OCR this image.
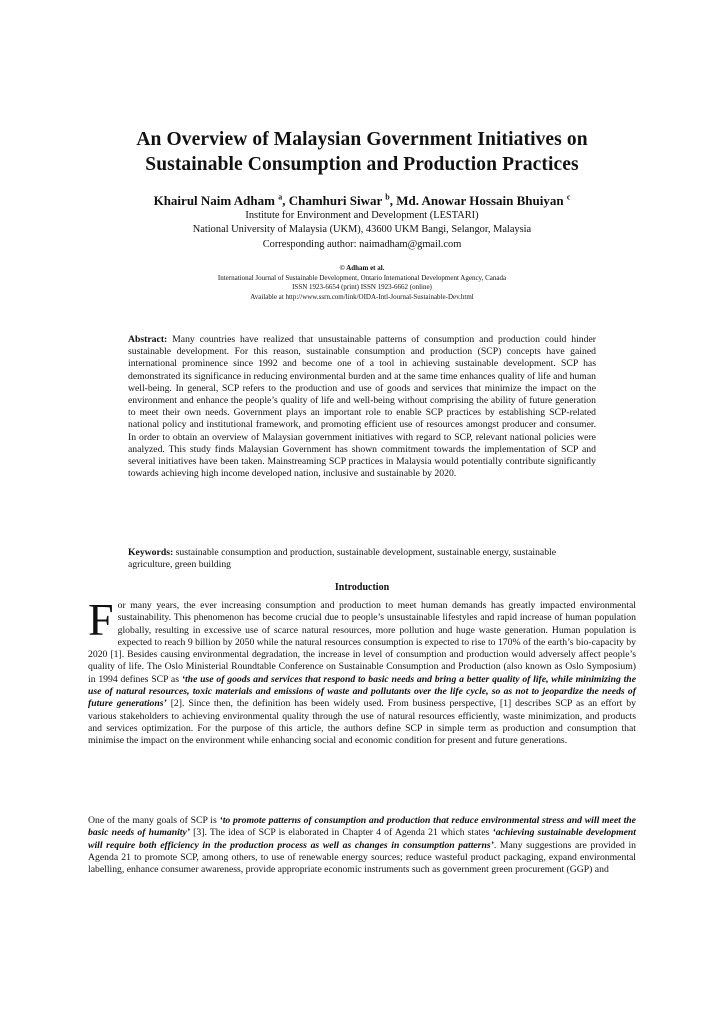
An Overview of Malaysian Government Initiatives on
Sustainable Consumption and Production Practices
Khairul Naim Adham $^a$, Chamhuri Siwar $^b$, Md. Anowar Hossain Bhuiyan $^c$
Institute for Environment and Development (LESTARI)
National University of Malaysia (UKM), 43600 UKM Bangi, Selangor, Malaysia
Corresponding author: naimadham@gmail.com
© Adham et al.
International Journal of Sustainable Development, Ontario International Development Agency, Canada
ISSN 1923-6654 (print) ISSN 1923-6662 (online)
Available at http://www.ssrn.com/link/OIDA-Intl-Journal-Sustainable-Dev.html
Abstract: Many countries have realized that unsustainable patterns of consumption and production could hinder sustainable development. For this reason, sustainable consumption and production (SCP) concepts have gained international prominence since 1992 and become one of a tool in achieving sustainable development. SCP has demonstrated its significance in reducing environmental burden and at the same time enhances quality of life and human well-being. In general, SCP refers to the production and use of goods and services that minimize the impact on the environment and enhance the people’s quality of life and well-being without comprising the ability of future generation to meet their own needs. Government plays an important role to enable SCP practices by establishing SCP-related national policy and institutional framework, and promoting efficient use of resources amongst producer and consumer. In order to obtain an overview of Malaysian government initiatives with regard to SCP, relevant national policies were analyzed. This study finds Malaysian Government has shown commitment towards the implementation of SCP and several initiatives have been taken. Mainstreaming SCP practices in Malaysia would potentially contribute significantly towards achieving high income developed nation, inclusive and sustainable by 2020.
Keywords: sustainable consumption and production, sustainable development, sustainable energy, sustainable agriculture, green building
Introduction
F or many years, the ever increasing consumption and production to meet human demands has greatly impacted environmental sustainability. This phenomenon has become crucial due to people’s unsustainable lifestyles and rapid increase of human population globally, resulting in excessive use of scarce natural resources, more pollution and huge waste generation. Human population is expected to reach 9 billion by 2050 while the natural resources consumption is expected to rise to 170% of the earth’s bio-capacity by 2020 [1]. Besides causing environmental degradation, the increase in level of consumption and production would adversely affect people’s quality of life. The Oslo Ministerial Roundtable Conference on Sustainable Consumption and Production (also known as Oslo Symposium) in 1994 defines SCP as ‘the use of goods and services that respond to basic needs and bring a better quality of life, while minimizing the use of natural resources, toxic materials and emissions of waste and pollutants over the life cycle, so as not to jeopardize the needs of future generations’ [2]. Since then, the definition has been widely used. From business perspective, [1] describes SCP as an effort by various stakeholders to achieving environmental quality through the use of natural resources efficiently, waste minimization, and products and services optimization. For the purpose of this article, the authors define SCP in simple term as production and consumption that minimise the impact on the environment while enhancing social and economic condition for present and future generations.
One of the many goals of SCP is ‘to promote patterns of consumption and production that reduce environmental stress and will meet the basic needs of humanity’ [3]. The idea of SCP is elaborated in Chapter 4 of Agenda 21 which states ‘achieving sustainable development will require both efficiency in the production process as well as changes in consumption patterns’. Many suggestions are provided in Agenda 21 to promote SCP, among others, to use of renewable energy sources; reduce wasteful product packaging, expand environmental labelling, enhance consumer awareness, provide appropriate economic instruments such as government green procurement (GGP) and
